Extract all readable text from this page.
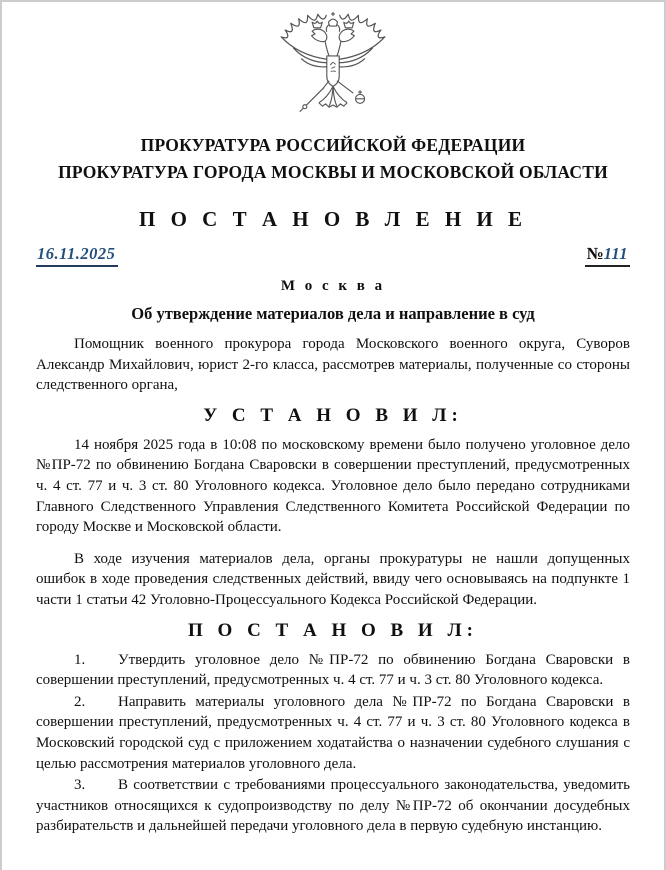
ПРОКУРАТУРА РОССИЙСКОЙ ФЕДЕРАЦИИ
ПРОКУРАТУРА ГОРОДА МОСКВЫ И МОСКОВСКОЙ ОБЛАСТИ
П О С Т А Н О В Л Е Н И Е
16.11.2025	№111
М о с к в а
Об утверждение материалов дела и направление в суд

Помощник военного прокурора города Московского военного округа, Суворов Александр Михайлович, юрист 2-го класса, рассмотрев материалы, полученные со стороны следственного органа,

У С Т А Н О В И Л:

14 ноября 2025 года в 10:08 по московскому времени было получено уголовное дело №ПР-72 по обвинению Богдана Сваровски в совершении преступлений, предусмотренных ч. 4 ст. 77 и ч. 3 ст. 80 Уголовного кодекса. Уголовное дело было передано сотрудниками Главного Следственного Управления Следственного Комитета Российской Федерации по городу Москве и Московской области.

В ходе изучения материалов дела, органы прокуратуры не нашли допущенных ошибок в ходе проведения следственных действий, ввиду чего основываясь на подпункте 1 части 1 статьи 42 Уголовно-Процессуального Кодекса Российской Федерации.

П О С Т А Н О В И Л:

1. Утвердить уголовное дело №ПР-72 по обвинению Богдана Сваровски в совершении преступлений, предусмотренных ч. 4 ст. 77 и ч. 3 ст. 80 Уголовного кодекса.

2. Направить материалы уголовного дела №ПР-72 по Богдана Сваровски в совершении преступлений, предусмотренных ч. 4 ст. 77 и ч. 3 ст. 80 Уголовного кодекса в Московский городской суд с приложением ходатайства о назначении судебного слушания с целью рассмотрения материалов уголовного дела.

3. В соответствии с требованиями процессуального законодательства, уведомить участников относящихся к судопроизводству по делу №ПР-72 об окончании досудебных разбирательств и дальнейшей передачи уголовного дела в первую судебную инстанцию.
